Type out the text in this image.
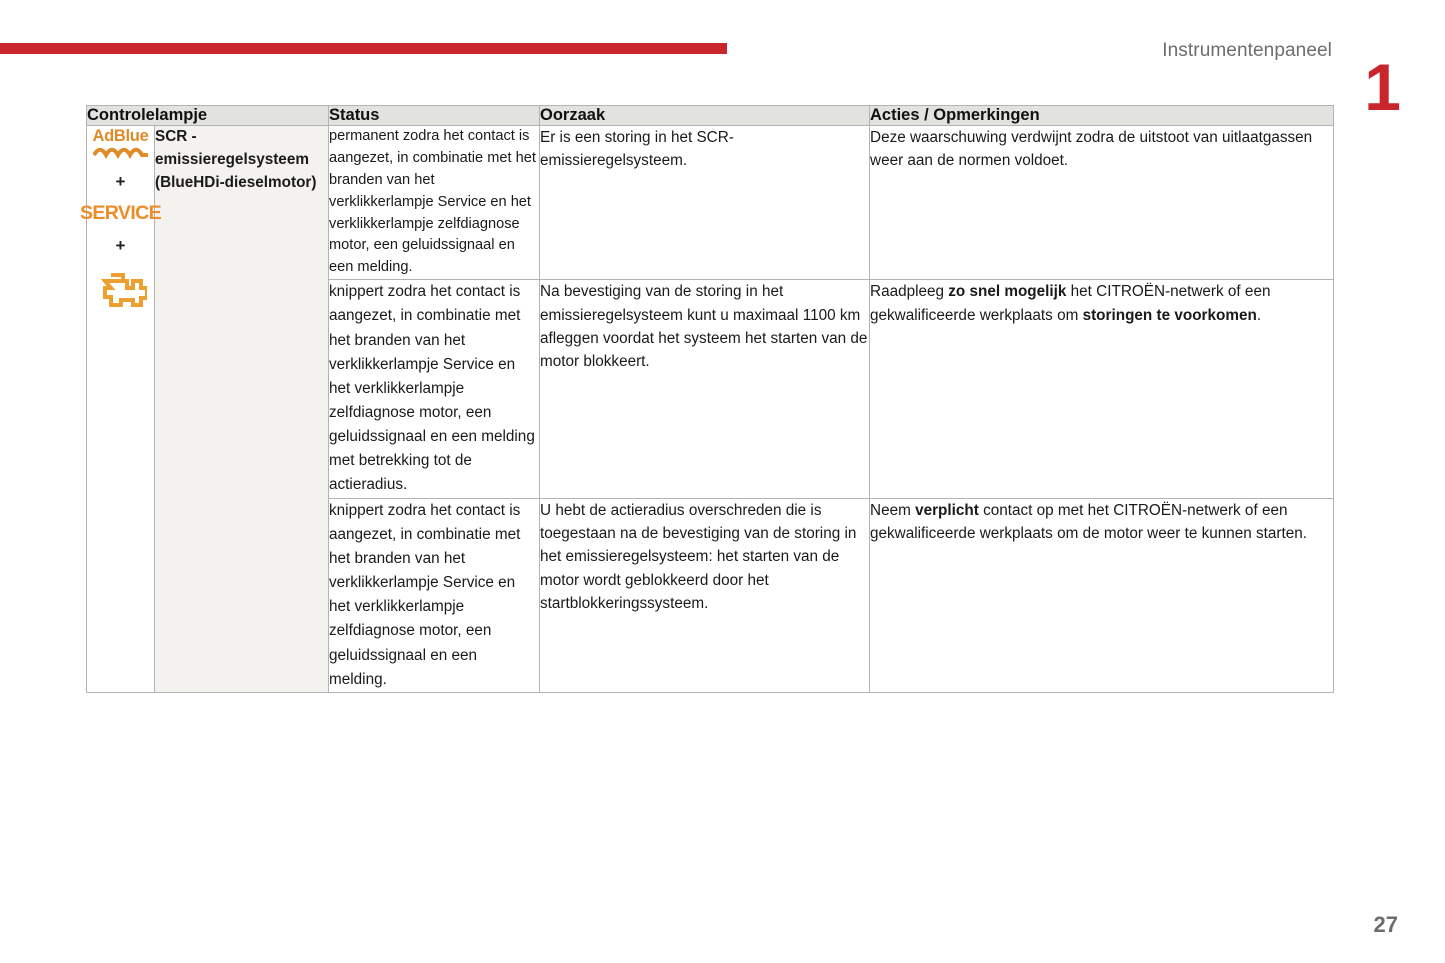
Instrumentenpaneel 1
Controlelampje		Status	Oorzaak	Acties / Opmerkingen

AdBlue
+
SERVICE
+	SCR - emissieregelsysteem (BlueHDi-dieselmotor)	permanent zodra het contact is aangezet, in combinatie met het branden van het verklikkerlampje Service en het verklikkerlampje zelfdiagnose motor, een geluidssignaal en een melding.	Er is een storing in het SCR-emissieregelsysteem.	Deze waarschuwing verdwijnt zodra de uitstoot van uitlaatgassen weer aan de normen voldoet.
		knippert zodra het contact is aangezet, in combinatie met het branden van het verklikkerlampje Service en het verklikkerlampje zelfdiagnose motor, een geluidssignaal en een melding met betrekking tot de actieradius.	Na bevestiging van de storing in het emissieregelsysteem kunt u maximaal 1100 km afleggen voordat het systeem het starten van de motor blokkeert.	Raadpleeg zo snel mogelijk het CITROËN-netwerk of een gekwalificeerde werkplaats om storingen te voorkomen.
		knippert zodra het contact is aangezet, in combinatie met het branden van het verklikkerlampje Service en het verklikkerlampje zelfdiagnose motor, een geluidssignaal en een melding.	U hebt de actieradius overschreden die is toegestaan na de bevestiging van de storing in het emissieregelsysteem: het starten van de motor wordt geblokkeerd door het startblokkeringssysteem.	Neem verplicht contact op met het CITROËN-netwerk of een gekwalificeerde werkplaats om de motor weer te kunnen starten.
27
